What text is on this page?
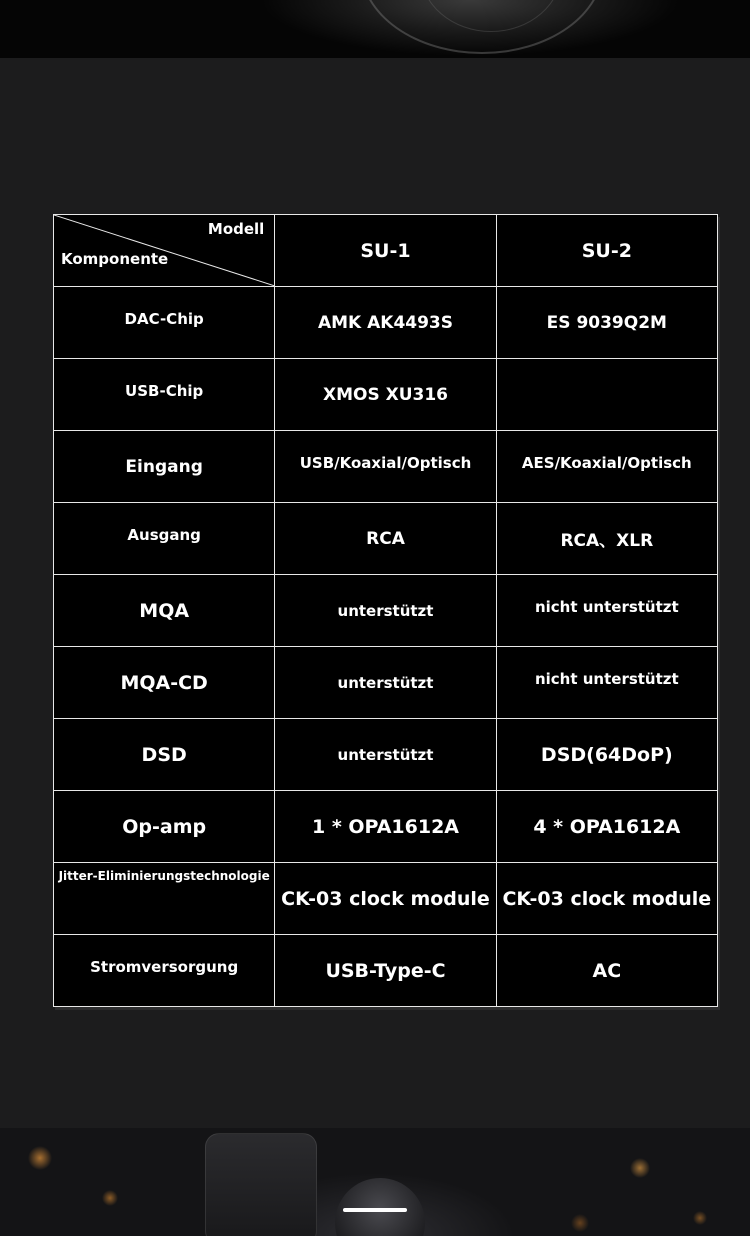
Modell
Komponente	SU-1	SU-2
DAC-Chip	AMK AK4493S	ES 9039Q2M
USB-Chip	XMOS XU316	
Eingang	USB/Koaxial/Optisch	AES/Koaxial/Optisch
Ausgang	RCA	RCA、XLR
MQA	unterstützt	nicht unterstützt
MQA-CD	unterstützt	nicht unterstützt
DSD	unterstützt	DSD(64DoP)
Op-amp	1 * OPA1612A	4 * OPA1612A

Jitter-Eliminierungstechnologie	CK-03 clock module	CK-03 clock module
Stromversorgung	USB-Type-C	AC
